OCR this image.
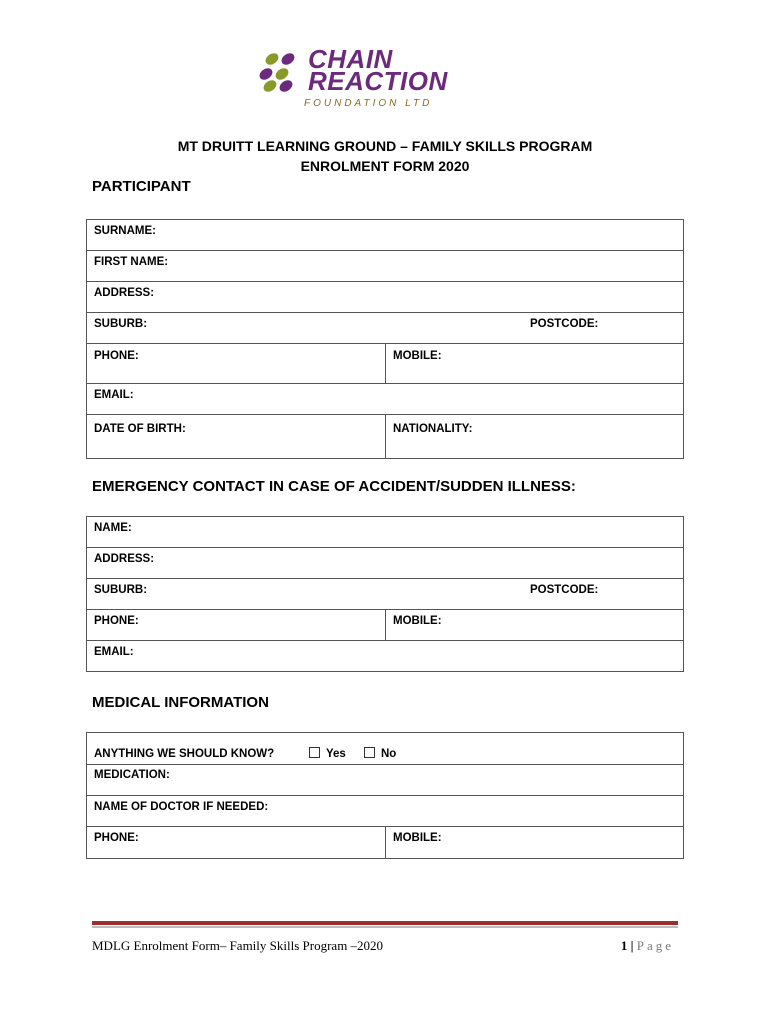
CHAIN
REACTION
FOUNDATION LTD
MT DRUITT LEARNING GROUND – FAMILY SKILLS PROGRAM
ENROLMENT FORM 2020
PARTICIPANT
SURNAME:
FIRST NAME:
ADDRESS:
SUBURB:	POSTCODE:
PHONE:	MOBILE:
EMAIL:
DATE OF BIRTH:	NATIONALITY:
EMERGENCY CONTACT IN CASE OF ACCIDENT/SUDDEN ILLNESS:
NAME:
ADDRESS:
SUBURB:	POSTCODE:
PHONE:	MOBILE:
EMAIL:
MEDICAL INFORMATION
ANYTHING WE SHOULD KNOW?	Yes	No
MEDICATION:
NAME OF DOCTOR IF NEEDED:
PHONE:	MOBILE:
MDLG Enrolment Form– Family Skills Program –2020	1 | Page
